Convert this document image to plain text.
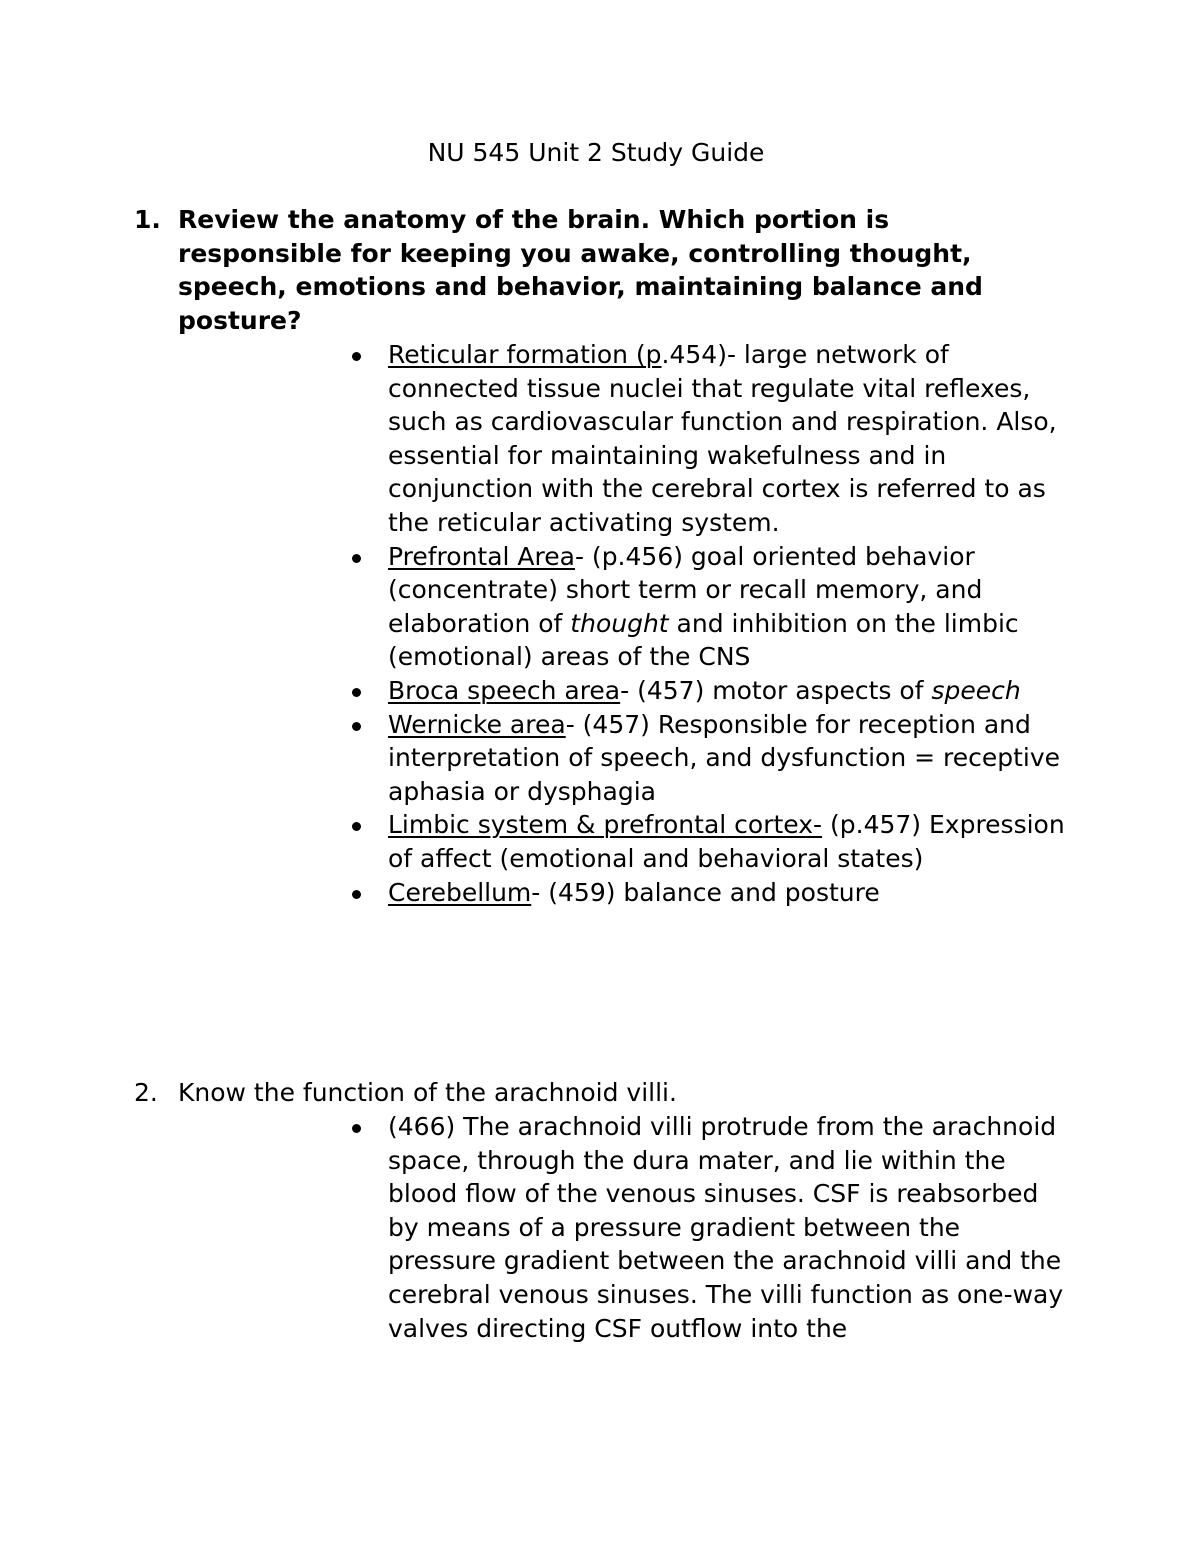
NU 545 Unit 2 Study Guide
1. Review the anatomy of the brain. Which portion is responsible for keeping you awake, controlling thought, speech, emotions and behavior, maintaining balance and posture?
Reticular formation (p.454)- large network of connected tissue nuclei that regulate vital reflexes, such as cardiovascular function and respiration. Also, essential for maintaining wakefulness and in conjunction with the cerebral cortex is referred to as the reticular activating system.
Prefrontal Area- (p.456) goal oriented behavior (concentrate) short term or recall memory, and elaboration of thought and inhibition on the limbic (emotional) areas of the CNS
Broca speech area- (457) motor aspects of speech
Wernicke area- (457) Responsible for reception and interpretation of speech, and dysfunction = receptive aphasia or dysphagia
Limbic system & prefrontal cortex- (p.457) Expression of affect (emotional and behavioral states)
Cerebellum- (459) balance and posture
2. Know the function of the arachnoid villi.
(466) The arachnoid villi protrude from the arachnoid space, through the dura mater, and lie within the blood flow of the venous sinuses. CSF is reabsorbed by means of a pressure gradient between the pressure gradient between the arachnoid villi and the cerebral venous sinuses. The villi function as one-way valves directing CSF outflow into the
